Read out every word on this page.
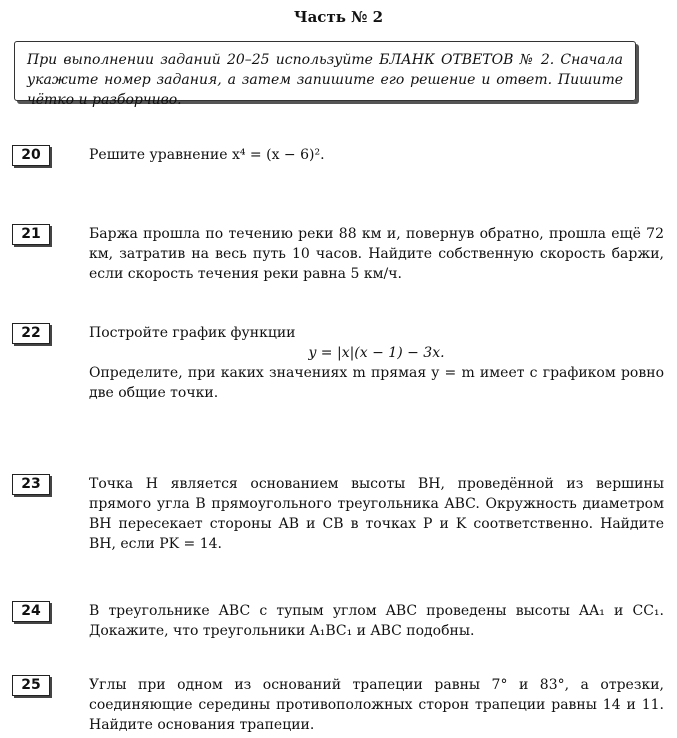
Часть № 2
При выполнении заданий 20–25 используйте БЛАНК ОТВЕТОВ № 2. Сначала укажите номер задания, а затем запишите его решение и ответ. Пишите чётко и разборчиво.
20	Решите уравнение x⁴ = (x − 6)².

21	Баржа прошла по течению реки 88 км и, повернув обратно, прошла ещё 72 км, затратив на весь путь 10 часов. Найдите собственную скорость баржи, если скорость течения реки равна 5 км/ч.

22	Постройте график функции

y = |x|(x − 1) − 3x.

Определите, при каких значениях m прямая y = m имеет с графиком ровно две общие точки.

23	Точка H является основанием высоты BH, проведённой из вершины прямого угла B прямоугольного треугольника ABC. Окружность диаметром BH пересекает стороны AB и CB в точках P и K соответственно. Найдите BH, если PK = 14.

24	В треугольнике ABC с тупым углом ABC проведены высоты AA₁ и CC₁. Докажите, что треугольники A₁BC₁ и ABC подобны.

25	Углы при одном из оснований трапеции равны 7° и 83°, а отрезки, соединяющие середины противоположных сторон трапеции равны 14 и 11. Найдите основания трапеции.
